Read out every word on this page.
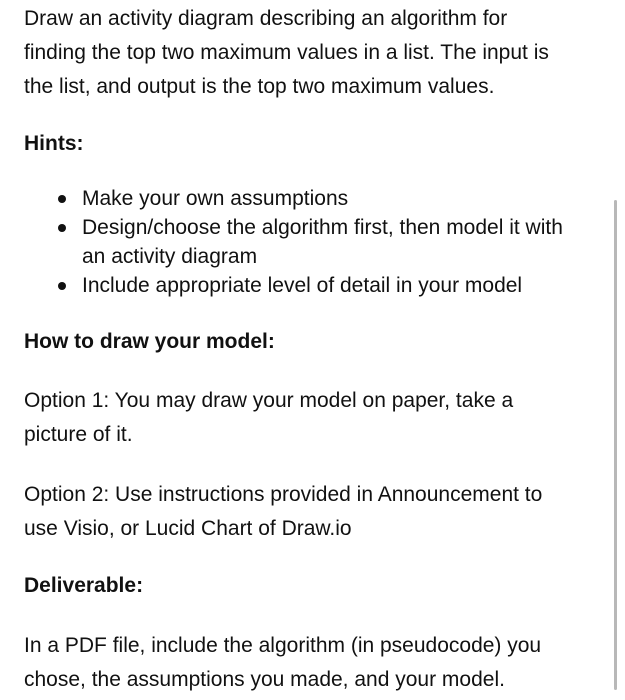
Draw an activity diagram describing an algorithm for
finding the top two maximum values in a list. The input is
the list, and output is the top two maximum values.

Hints:
Make your own assumptions
Design/choose the algorithm first, then model it with an activity diagram
Include appropriate level of detail in your model
How to draw your model:

Option 1: You may draw your model on paper, take a
picture of it.

Option 2: Use instructions provided in Announcement to
use Visio, or Lucid Chart of Draw.io

Deliverable:

In a PDF file, include the algorithm (in pseudocode) you
chose, the assumptions you made, and your model.
